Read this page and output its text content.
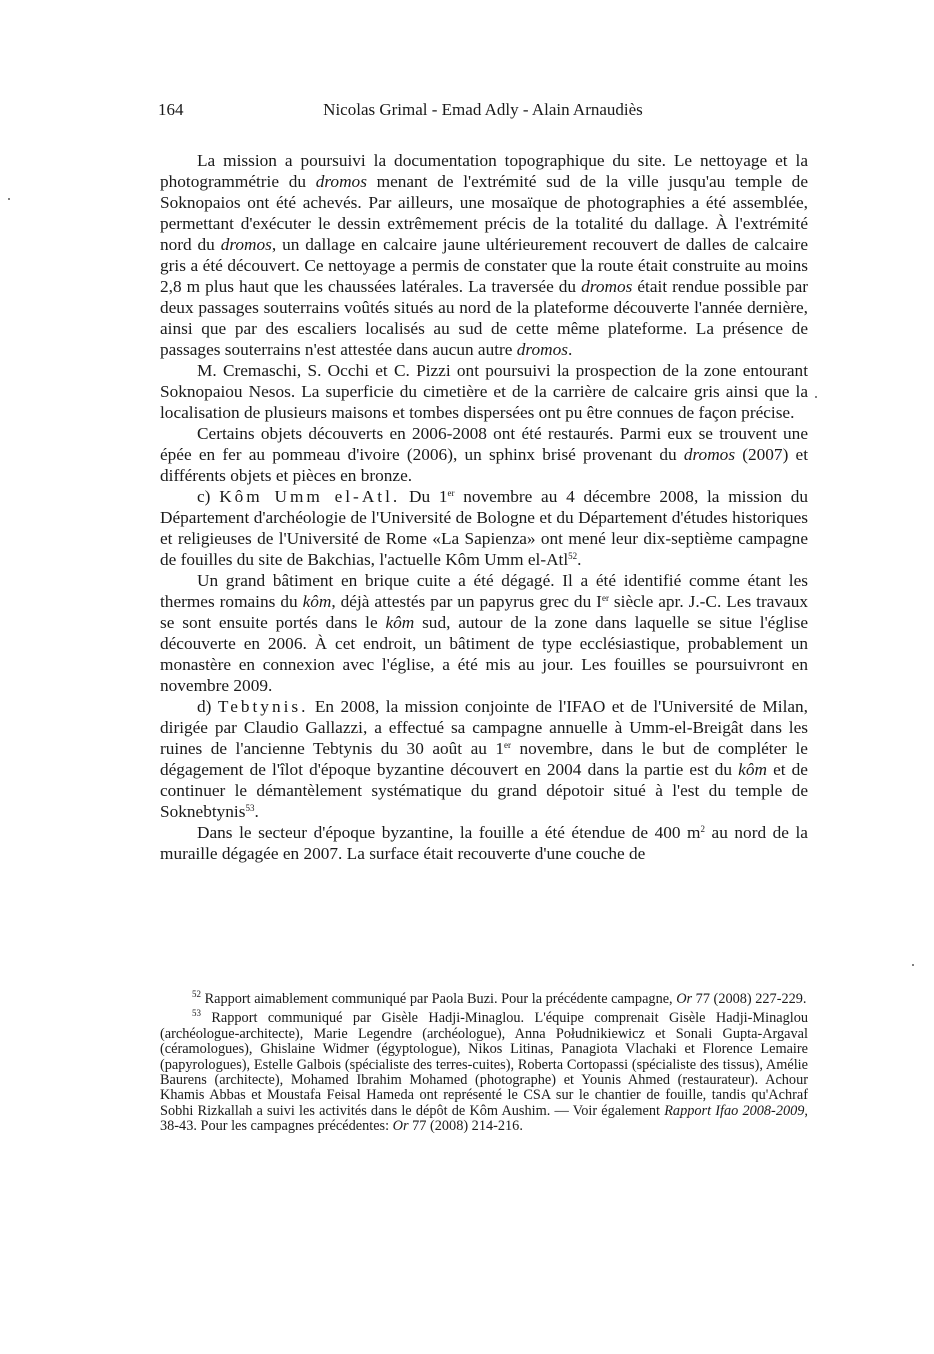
164	Nicolas Grimal - Emad Adly - Alain Arnaudiès

La mission a poursuivi la documentation topographique du site. Le nettoyage et la photogrammétrie du dromos menant de l'extrémité sud de la ville jusqu'au temple de Soknopaios ont été achevés. Par ailleurs, une mosaïque de photographies a été assemblée, permettant d'exécuter le dessin extrêmement précis de la totalité du dallage. À l'extrémité nord du dromos, un dallage en calcaire jaune ultérieurement recouvert de dalles de calcaire gris a été découvert. Ce nettoyage a permis de constater que la route était construite au moins 2,8 m plus haut que les chaussées latérales. La traversée du dromos était rendue possible par deux passages souterrains voûtés situés au nord de la plateforme découverte l'année dernière, ainsi que par des escaliers localisés au sud de cette même plateforme. La présence de passages souterrains n'est attestée dans aucun autre dromos.

M. Cremaschi, S. Occhi et C. Pizzi ont poursuivi la prospection de la zone entourant Soknopaiou Nesos. La superficie du cimetière et de la carrière de calcaire gris ainsi que la localisation de plusieurs maisons et tombes dispersées ont pu être connues de façon précise.

Certains objets découverts en 2006-2008 ont été restaurés. Parmi eux se trouvent une épée en fer au pommeau d'ivoire (2006), un sphinx brisé provenant du dromos (2007) et différents objets et pièces en bronze.

c) Kôm Umm el-Atl. Du 1er novembre au 4 décembre 2008, la mission du Département d'archéologie de l'Université de Bologne et du Département d'études historiques et religieuses de l'Université de Rome «La Sapienza» ont mené leur dix-septième campagne de fouilles du site de Bakchias, l'actuelle Kôm Umm el-Atl$^{52}$.

Un grand bâtiment en brique cuite a été dégagé. Il a été identifié comme étant les thermes romains du kôm, déjà attestés par un papyrus grec du Ier siècle apr. J.-C. Les travaux se sont ensuite portés dans le kôm sud, autour de la zone dans laquelle se situe l'église découverte en 2006. À cet endroit, un bâtiment de type ecclésiastique, probablement un monastère en connexion avec l'église, a été mis au jour. Les fouilles se poursuivront en novembre 2009.

d) Tebtynis. En 2008, la mission conjointe de l'IFAO et de l'Université de Milan, dirigée par Claudio Gallazzi, a effectué sa campagne annuelle à Umm-el-Breigât dans les ruines de l'ancienne Tebtynis du 30 août au 1er novembre, dans le but de compléter le dégagement de l'îlot d'époque byzantine découvert en 2004 dans la partie est du kôm et de continuer le démantèlement systématique du grand dépotoir situé à l'est du temple de Soknebtynis$^{53}$.

Dans le secteur d'époque byzantine, la fouille a été étendue de 400 $m^2$ au nord de la muraille dégagée en 2007. La surface était recouverte d'une couche de

$^{52}$ Rapport aimablement communiqué par Paola Buzi. Pour la précédente campagne, Or 77 (2008) 227-229.

$^{53}$ Rapport communiqué par Gisèle Hadji-Minaglou. L'équipe comprenait Gisèle Hadji-Minaglou (archéologue-architecte), Marie Legendre (archéologue), Anna Południkiewicz et Sonali Gupta-Argaval (céramologues), Ghislaine Widmer (égyptologue), Nikos Litinas, Panagiota Vlachaki et Florence Lemaire (papyrologues), Estelle Galbois (spécialiste des terres-cuites), Roberta Cortopassi (spécialiste des tissus), Amélie Baurens (architecte), Mohamed Ibrahim Mohamed (photographe) et Younis Ahmed (restaurateur). Achour Khamis Abbas et Moustafa Feisal Hameda ont représenté le CSA sur le chantier de fouille, tandis qu'Achraf Sobhi Rizkallah a suivi les activités dans le dépôt de Kôm Aushim. — Voir également Rapport Ifao 2008-2009, 38-43. Pour les campagnes précédentes: Or 77 (2008) 214-216.
